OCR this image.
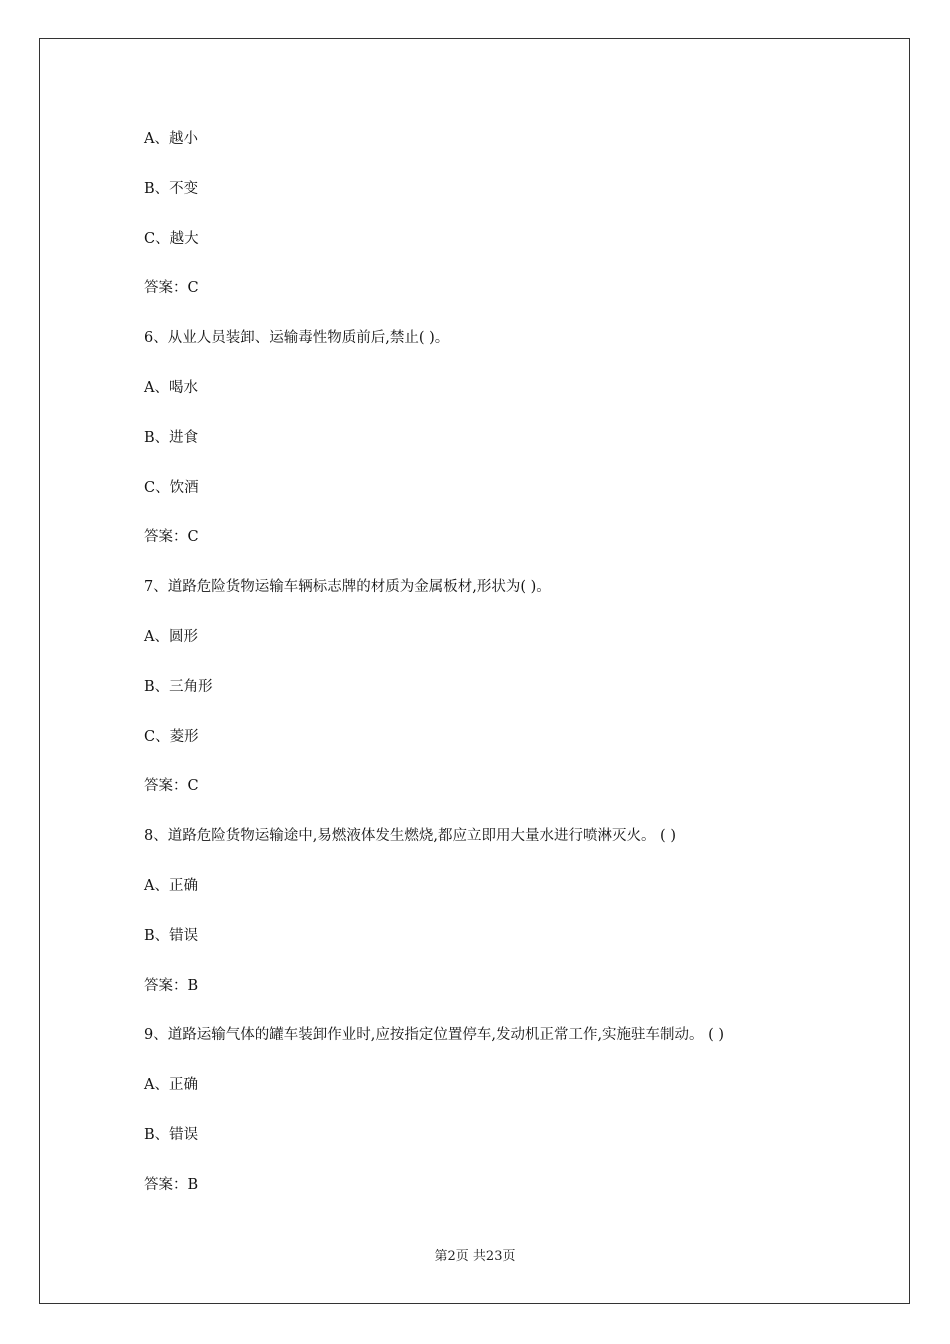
A、越小
B、不变
C、越大
答案：C
6、从业人员装卸、运输毒性物质前后,禁止( )。
A、喝水
B、进食
C、饮酒
答案：C
7、道路危险货物运输车辆标志牌的材质为金属板材,形状为( )。
A、圆形
B、三角形
C、菱形
答案：C
8、道路危险货物运输途中,易燃液体发生燃烧,都应立即用大量水进行喷淋灭火。 ( )
A、正确
B、错误
答案：B
9、道路运输气体的罐车装卸作业时,应按指定位置停车,发动机正常工作,实施驻车制动。 ( )
A、正确
B、错误
答案：B
第2页 共23页
